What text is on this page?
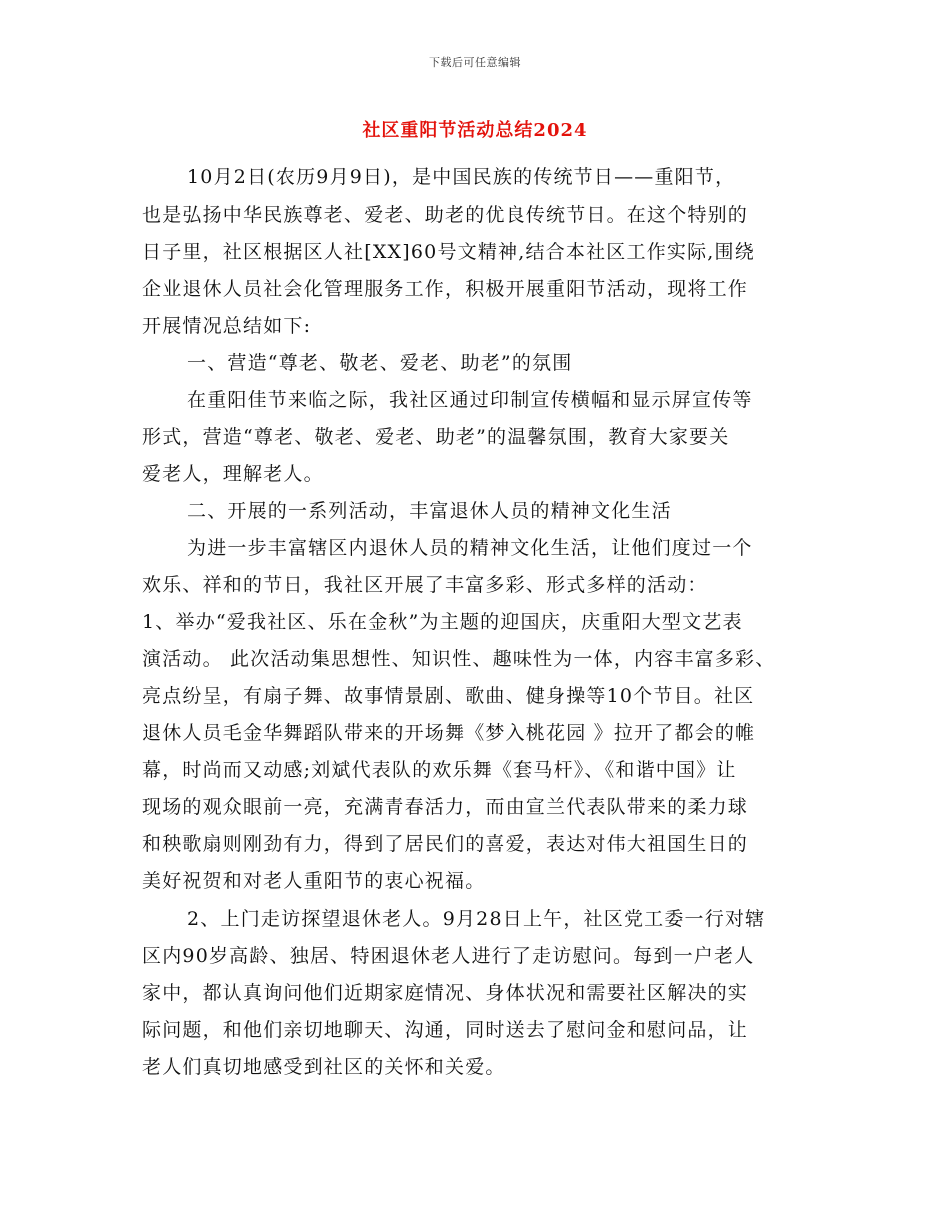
下载后可任意编辑
社区重阳节活动总结2024
10月2日(农历9月9日)，是中国民族的传统节日——重阳节，
也是弘扬中华民族尊老、爱老、助老的优良传统节日。在这个特别的
日子里，社区根据区人社[XX]60号文精神,结合本社区工作实际,围绕
企业退休人员社会化管理服务工作，积极开展重阳节活动，现将工作
开展情况总结如下:
一、营造“尊老、敬老、爱老、助老”的氛围
在重阳佳节来临之际，我社区通过印制宣传横幅和显示屏宣传等
形式，营造“尊老、敬老、爱老、助老”的温馨氛围，教育大家要关
爱老人，理解老人。
二、开展的一系列活动，丰富退休人员的精神文化生活
为进一步丰富辖区内退休人员的精神文化生活，让他们度过一个
欢乐、祥和的节日，我社区开展了丰富多彩、形式多样的活动：
1、举办“爱我社区、乐在金秋”为主题的迎国庆，庆重阳大型文艺表
演活动。 此次活动集思想性、知识性、趣味性为一体，内容丰富多彩、
亮点纷呈，有扇子舞、故事情景剧、歌曲、健身操等10个节目。社区
退休人员毛金华舞蹈队带来的开场舞《梦入桃花园 》拉开了都会的帷
幕，时尚而又动感;刘斌代表队的欢乐舞《套马杆》、《和谐中国》让
现场的观众眼前一亮，充满青春活力，而由宣兰代表队带来的柔力球
和秧歌扇则刚劲有力，得到了居民们的喜爱，表达对伟大祖国生日的
美好祝贺和对老人重阳节的衷心祝福。
2、上门走访探望退休老人。9月28日上午，社区党工委一行对辖
区内90岁高龄、独居、特困退休老人进行了走访慰问。每到一户老人
家中，都认真询问他们近期家庭情况、身体状况和需要社区解决的实
际问题，和他们亲切地聊天、沟通，同时送去了慰问金和慰问品，让
老人们真切地感受到社区的关怀和关爱。
